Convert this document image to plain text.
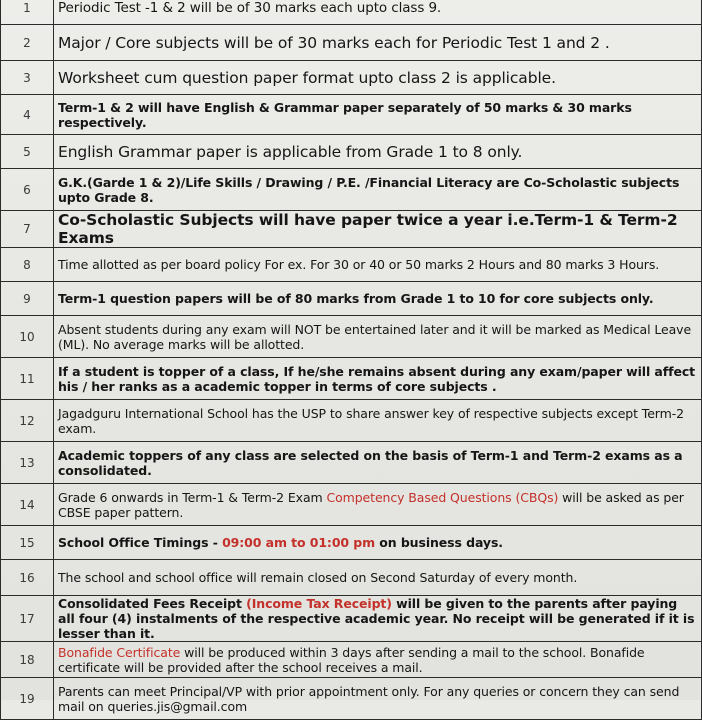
1	Periodic Test -1 & 2 will be of 30 marks each upto class 9.
2	Major / Core subjects will be of 30 marks each for Periodic Test 1 and 2 .
3	Worksheet cum question paper format upto class 2 is applicable.
4	Term-1 & 2 will have English & Grammar paper separately of 50 marks & 30 marks respectively.
5	English Grammar paper is applicable from Grade 1 to 8 only.
6	G.K.(Garde 1 & 2)/Life Skills / Drawing / P.E. /Financial Literacy are Co-Scholastic subjects upto Grade 8.
7	Co-Scholastic Subjects will have paper twice a year i.e.Term-1 & Term-2 Exams
8	Time allotted as per board policy For ex. For 30 or 40 or 50 marks 2 Hours and 80 marks 3 Hours.
9	Term-1 question papers will be of 80 marks from Grade 1 to 10 for core subjects only.
10	Absent students during any exam will NOT be entertained later and it will be marked as Medical Leave (ML). No average marks will be allotted.
11	If a student is topper of a class, If he/she remains absent during any exam/paper will affect his / her ranks as a academic topper in terms of core subjects .
12	Jagadguru International School has the USP to share answer key of respective subjects except Term-2 exam.
13	Academic toppers of any class are selected on the basis of Term-1 and Term-2 exams as a consolidated.
14	Grade 6 onwards in Term-1 & Term-2 Exam Competency Based Questions (CBQs) will be asked as per CBSE paper pattern.
15	School Office Timings - 09:00 am to 01:00 pm on business days.
16	The school and school office will remain closed on Second Saturday of every month.
17	Consolidated Fees Receipt (Income Tax Receipt) will be given to the parents after paying all four (4) instalments of the respective academic year. No receipt will be generated if it is lesser than it.
18	Bonafide Certificate will be produced within 3 days after sending a mail to the school. Bonafide certificate will be provided after the school receives a mail.
19	Parents can meet Principal/VP with prior appointment only. For any queries or concern they can send mail on queries.jis@gmail.com
